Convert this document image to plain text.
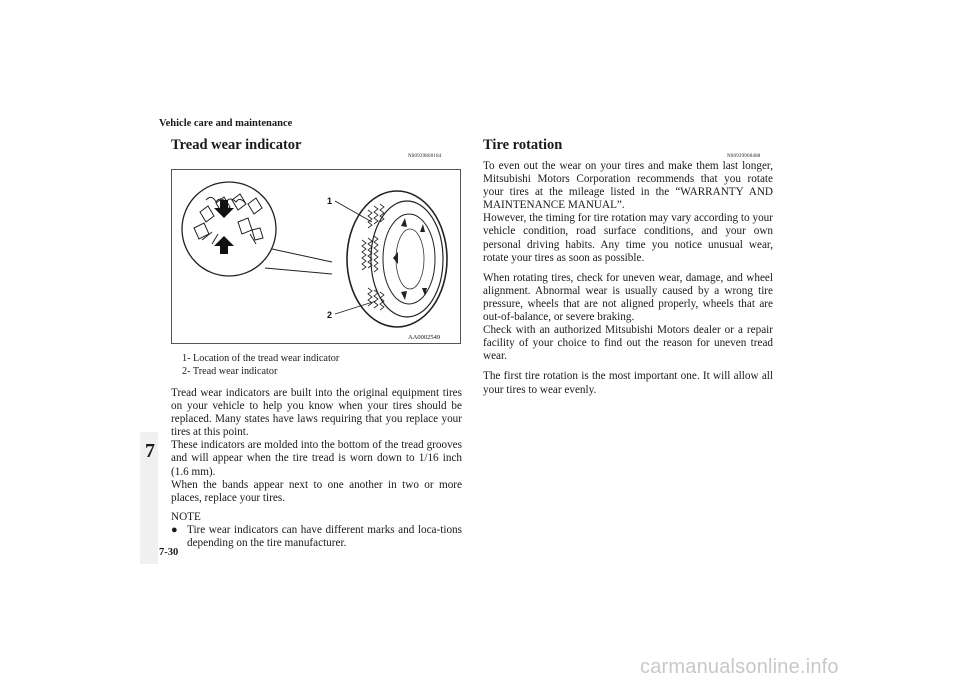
Vehicle care and maintenance
7
Tread wear indicator
N00939800184
1
2
AA0002549
1- Location of the tread wear indicator
2- Tread wear indicator

Tread wear indicators are built into the original equipment tires on your vehicle to help you know when your tires should be replaced. Many states have laws requiring that you replace your tires at this point.

These indicators are molded into the bottom of the tread grooves and will appear when the tire tread is worn down to 1/16 inch (1.6 mm).

When the bands appear next to one another in two or more places, replace your tires.

NOTE
● Tire wear indicators can have different marks and loca-tions depending on the tire manufacturer.
Tire rotation
N00939900488

To even out the wear on your tires and make them last longer, Mitsubishi Motors Corporation recommends that you rotate your tires at the mileage listed in the “WARRANTY AND MAINTENANCE MANUAL”.

However, the timing for tire rotation may vary according to your vehicle condition, road surface conditions, and your own personal driving habits. Any time you notice unusual wear, rotate your tires as soon as possible.

When rotating tires, check for uneven wear, damage, and wheel alignment. Abnormal wear is usually caused by a wrong tire pressure, wheels that are not aligned properly, wheels that are out-of-balance, or severe braking.

Check with an authorized Mitsubishi Motors dealer or a repair facility of your choice to find out the reason for uneven tread wear.

The first tire rotation is the most important one. It will allow all your tires to wear evenly.

7-30
carmanualsonline.info
